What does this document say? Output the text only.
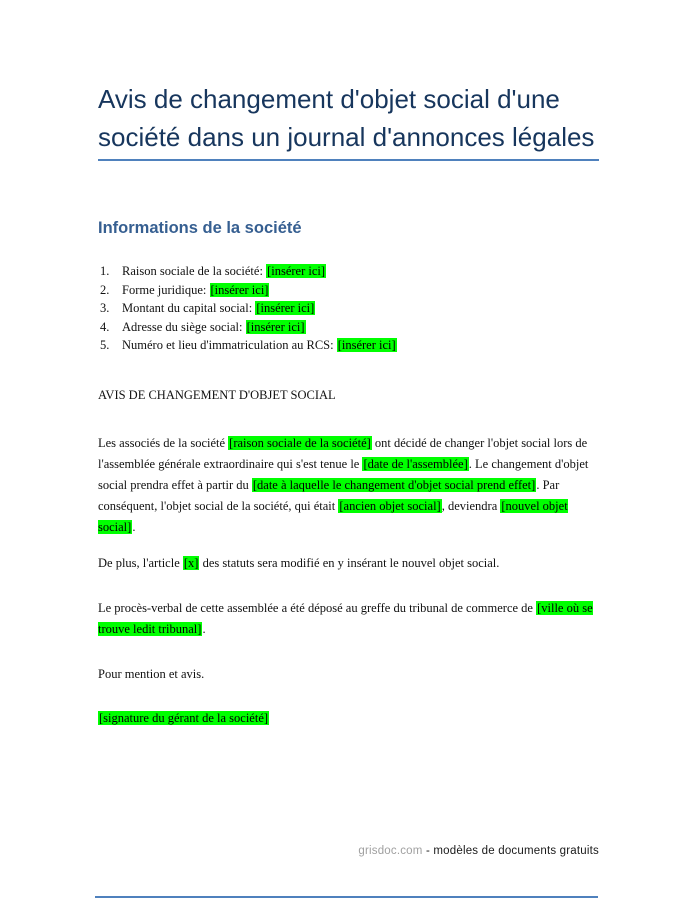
Avis de changement d'objet social d'une société dans un journal d'annonces légales
Informations de la société
1.	Raison sociale de la société: [insérer ici]
2.	Forme juridique: [insérer ici]
3.	Montant du capital social: [insérer ici]
4.	Adresse du siège social: [insérer ici]
5.	Numéro et lieu d'immatriculation au RCS: [insérer ici]

AVIS DE CHANGEMENT D'OBJET SOCIAL

Les associés de la société [raison sociale de la société] ont décidé de changer l'objet social lors de l'assemblée générale extraordinaire qui s'est tenue le [date de l'assemblée]. Le changement d'objet social prendra effet à partir du [date à laquelle le changement d'objet social prend effet]. Par conséquent, l'objet social de la société, qui était [ancien objet social], deviendra [nouvel objet social].

De plus, l'article [x] des statuts sera modifié en y insérant le nouvel objet social.

Le procès-verbal de cette assemblée a été déposé au greffe du tribunal de commerce de [ville où se trouve ledit tribunal].

Pour mention et avis.

[signature du gérant de la société]

grisdoc.com - modèles de documents gratuits
